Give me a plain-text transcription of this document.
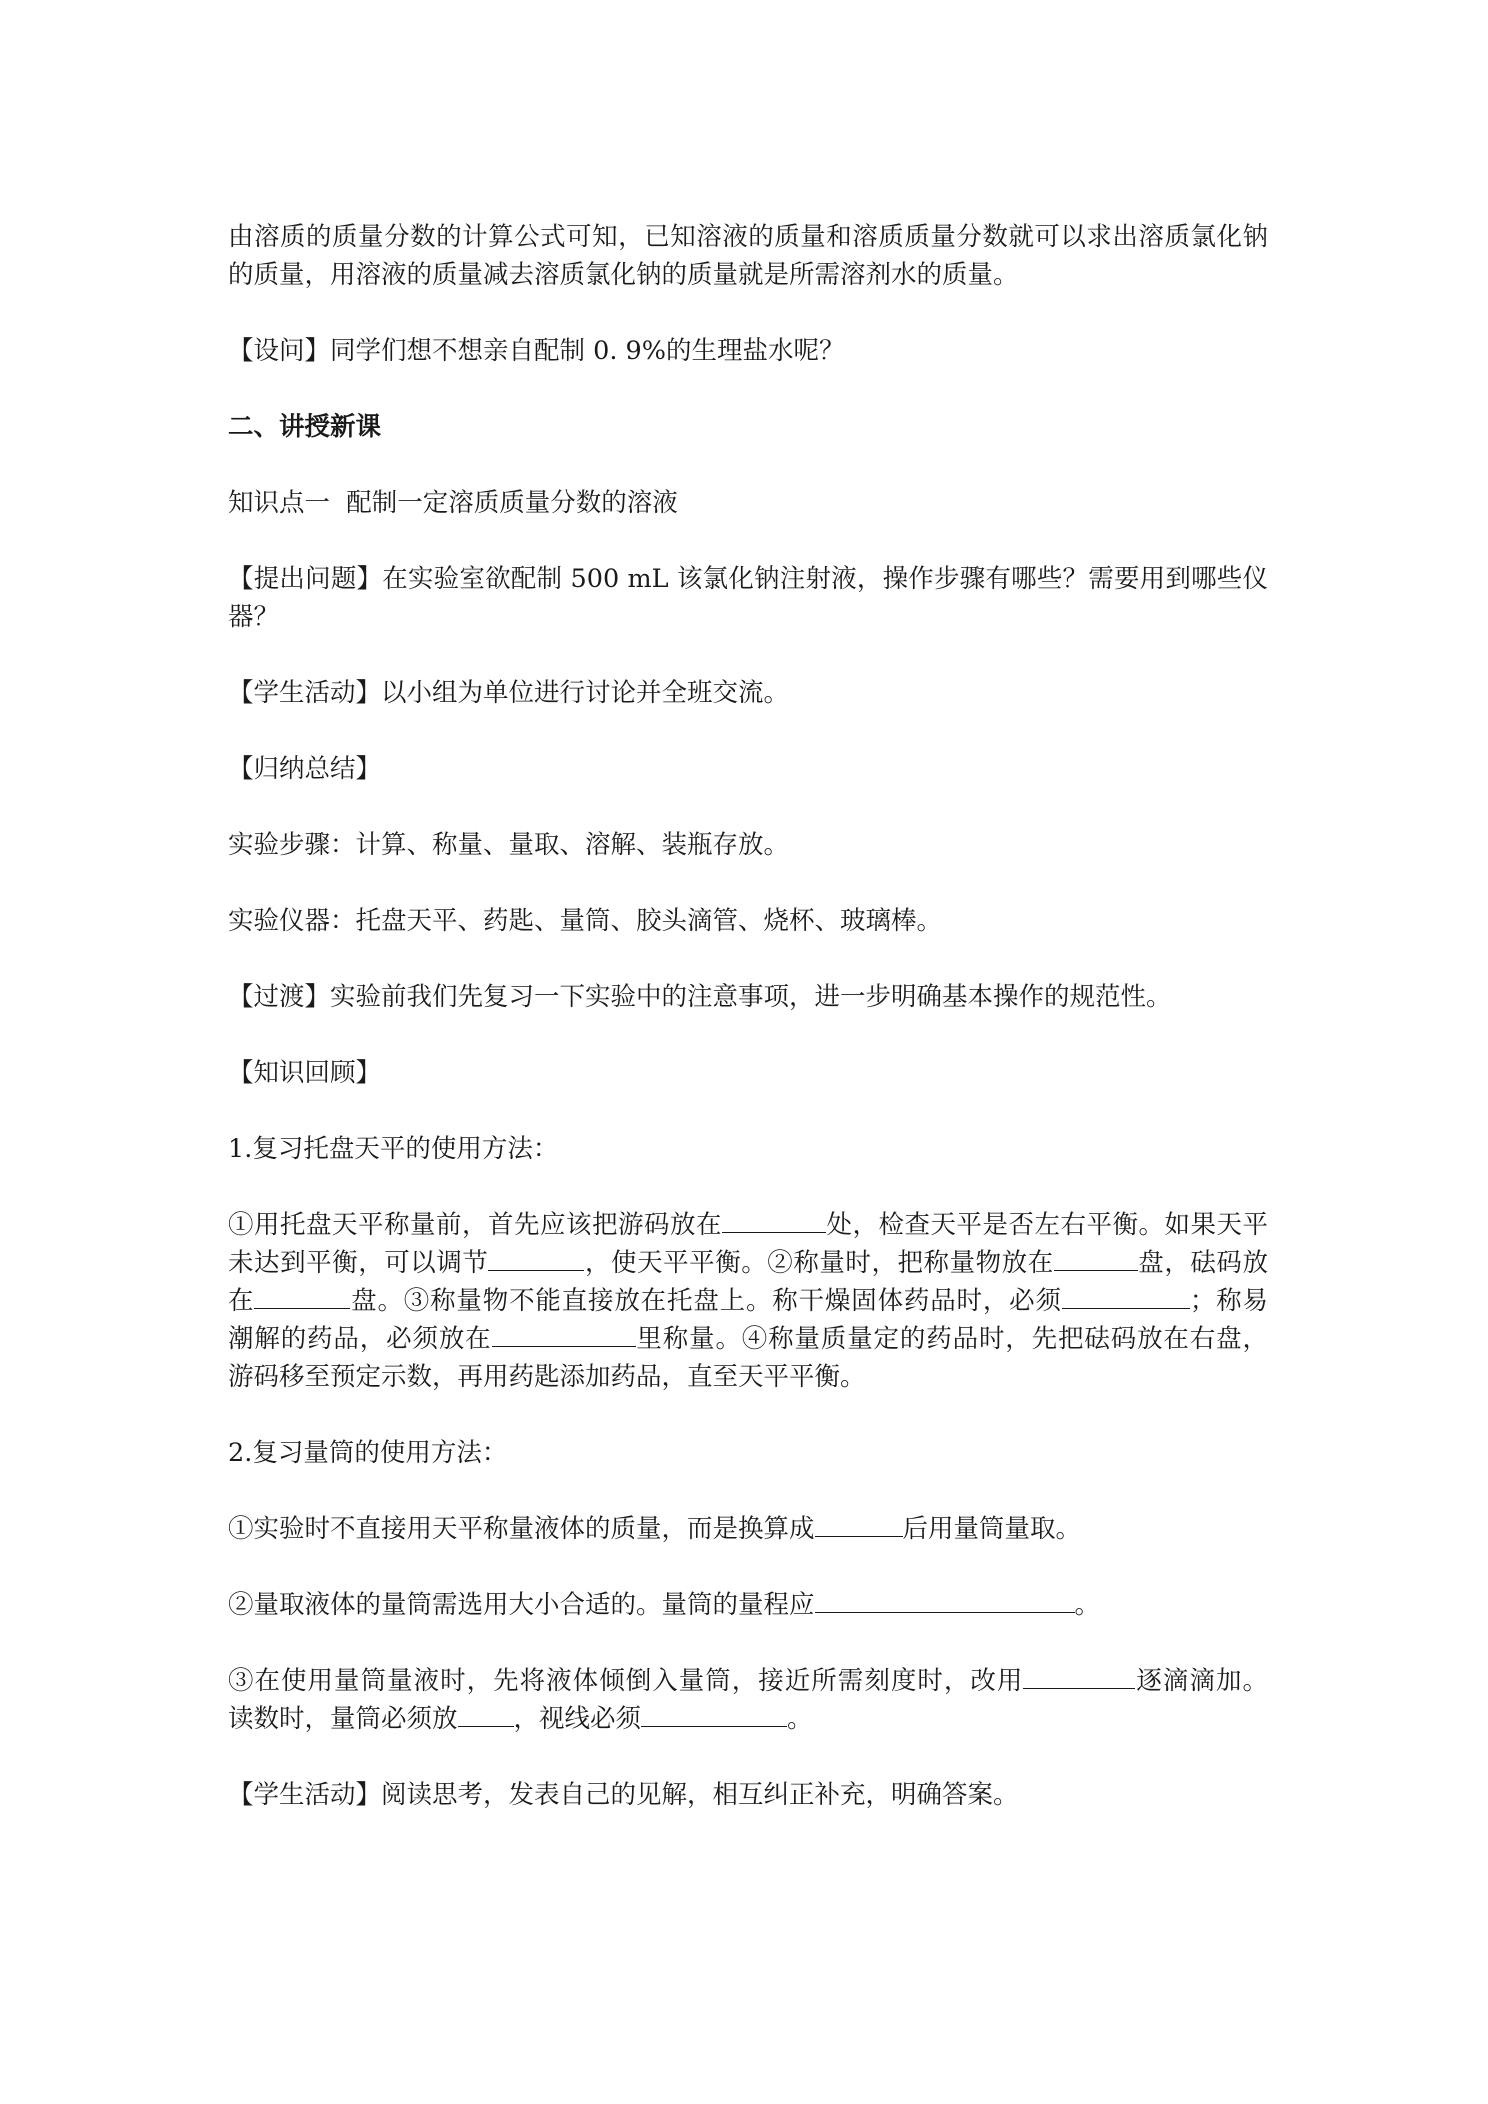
由溶质的质量分数的计算公式可知，已知溶液的质量和溶质质量分数就可以求出溶质氯化钠
的质量，用溶液的质量减去溶质氯化钠的质量就是所需溶剂水的质量。
【设问】同学们想不想亲自配制 0. 9%的生理盐水呢？
二、讲授新课
知识点一  配制一定溶质质量分数的溶液
【提出问题】在实验室欲配制 500 mL 该氯化钠注射液，操作步骤有哪些？需要用到哪些仪
器？
【学生活动】以小组为单位进行讨论并全班交流。
【归纳总结】
实验步骤：计算、称量、量取、溶解、装瓶存放。
实验仪器：托盘天平、药匙、量筒、胶头滴管、烧杯、玻璃棒。
【过渡】实验前我们先复习一下实验中的注意事项，进一步明确基本操作的规范性。
【知识回顾】
1.复习托盘天平的使用方法：
①用托盘天平称量前，首先应该把游码放在	处，检查天平是否左右平衡。如果天平
未达到平衡，可以调节	，使天平平衡。②称量时，把称量物放在	盘，砝码放
在	盘。③称量物不能直接放在托盘上。称干燥固体药品时，必须	；称易
潮解的药品，必须放在	里称量。④称量质量定的药品时，先把砝码放在右盘，
游码移至预定示数，再用药匙添加药品，直至天平平衡。
2.复习量筒的使用方法：
①实验时不直接用天平称量液体的质量，而是换算成	后用量筒量取。
②量取液体的量筒需选用大小合适的。量筒的量程应	。
③在使用量筒量液时，先将液体倾倒入量筒，接近所需刻度时，改用	逐滴滴加。
读数时，量筒必须放 ，视线必须	。
【学生活动】阅读思考，发表自己的见解，相互纠正补充，明确答案。
